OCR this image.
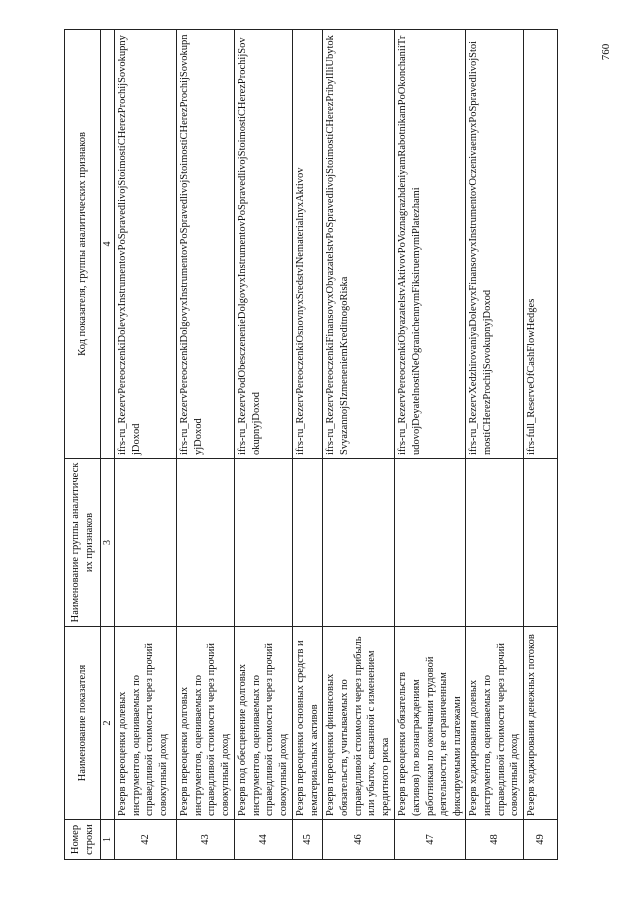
760
Номер строки	Наименование показателя	Наименование группы аналитических признаков	Код показателя, группы аналитических признаков
1	2	3	4
42	Резерв переоценки долевых инструментов, оцениваемых по справедливой стоимости через прочий совокупный доход		ifrs-ru_RezervPereoczenkiDolevyxInstrumentovPoSpravedlivojStoimostiCHerezProchijSovokupnyjDoxod
43	Резерв переоценки долговых инструментов, оцениваемых по справедливой стоимости через прочий совокупный доход		ifrs-ru_RezervPereoczenkiDolgovyxInstrumentovPoSpravedlivojStoimostiCHerezProchijSovokupnyjDoxod
44	Резерв под обесценение долговых инструментов, оцениваемых по справедливой стоимости через прочий совокупный доход		ifrs-ru_RezervPodObesczenenieDolgovyxInstrumentovPoSpravedlivojStoimostiCHerezProchijSovokupnyjDoxod
45	Резерв переоценки основных средств и нематериальных активов		ifrs-ru_RezervPereoczenkiOsnovnyxSredstvINematerialnyxAktivov
46	Резерв переоценки финансовых обязательств, учитываемых по справедливой стоимости через прибыль или убыток, связанной с изменением кредитного риска		ifrs-ru_RezervPereoczenkiFinansovyxObyazatelstvPoSpravedlivojStoimostiCHerezPribylIliUbytokSvyazannojSIzmeneniemKreditnogoRiska
47	Резерв переоценки обязательств (активов) по вознаграждениям работникам по окончании трудовой деятельности, не ограниченным фиксируемыми платежами		ifrs-ru_RezervPereoczenkiObyazatelstvAktivovPoVoznagrazhdeniyamRabotnikamPoOkonchaniiTrudovojDeyatelnostiNeOgranichennymFiksiruemymiPlatezhami
48	Резерв хеджирования долевых инструментов, оцениваемых по справедливой стоимости через прочий совокупный доход		ifrs-ru_RezervXedzhirovaniyaDolevyxFinansovyxInstrumentovOczenivaemyxPoSpravedlivojStoimostiCHerezProchijSovokupnyjDoxod
49	Резерв хеджирования денежных потоков		ifrs-full_ReserveOfCashFlowHedges
